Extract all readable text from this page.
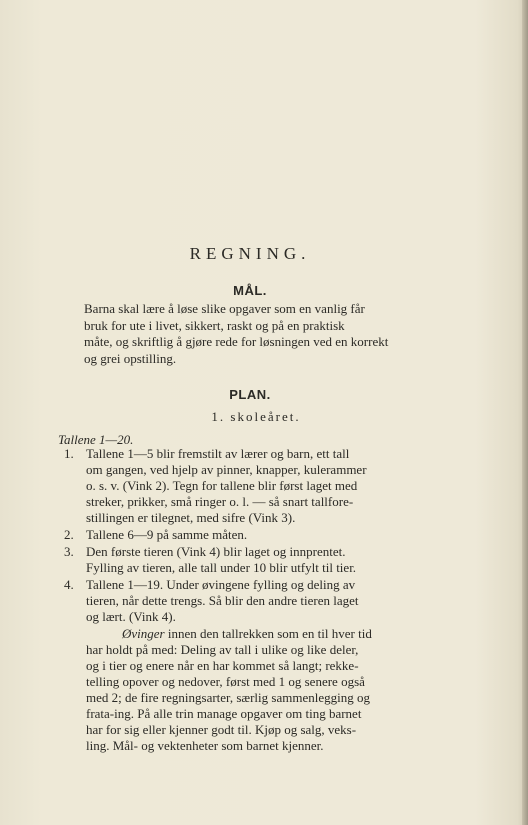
REGNING.
MÅL.
Barna skal lære å løse slike opgaver som en vanlig får
bruk for ute i livet, sikkert, raskt og på en praktisk
måte, og skriftlig å gjøre rede for løsningen ved en korrekt
og grei opstilling.
PLAN.
1. skoleåret.
Tallene 1—20.
1. Tallene 1—5 blir fremstilt av lærer og barn, ett tall
om gangen, ved hjelp av pinner, knapper, kulerammer
o. s. v. (Vink 2). Tegn for tallene blir først laget med
streker, prikker, små ringer o. l. — så snart tallfore-
stillingen er tilegnet, med sifre (Vink 3).
2. Tallene 6—9 på samme måten.
3. Den første tieren (Vink 4) blir laget og innprentet.
Fylling av tieren, alle tall under 10 blir utfylt til tier.
4. Tallene 1—19. Under øvingene fylling og deling av
tieren, når dette trengs. Så blir den andre tieren laget
og lært. (Vink 4).
Øvinger innen den tallrekken som en til hver tid
har holdt på med: Deling av tall i ulike og like deler,
og i tier og enere når en har kommet så langt; rekke-
telling opover og nedover, først med 1 og senere også
med 2; de fire regningsarter, særlig sammenlegging og
frata-ing. På alle trin manage opgaver om ting barnet
har for sig eller kjenner godt til. Kjøp og salg, veks-
ling. Mål- og vektenheter som barnet kjenner.
